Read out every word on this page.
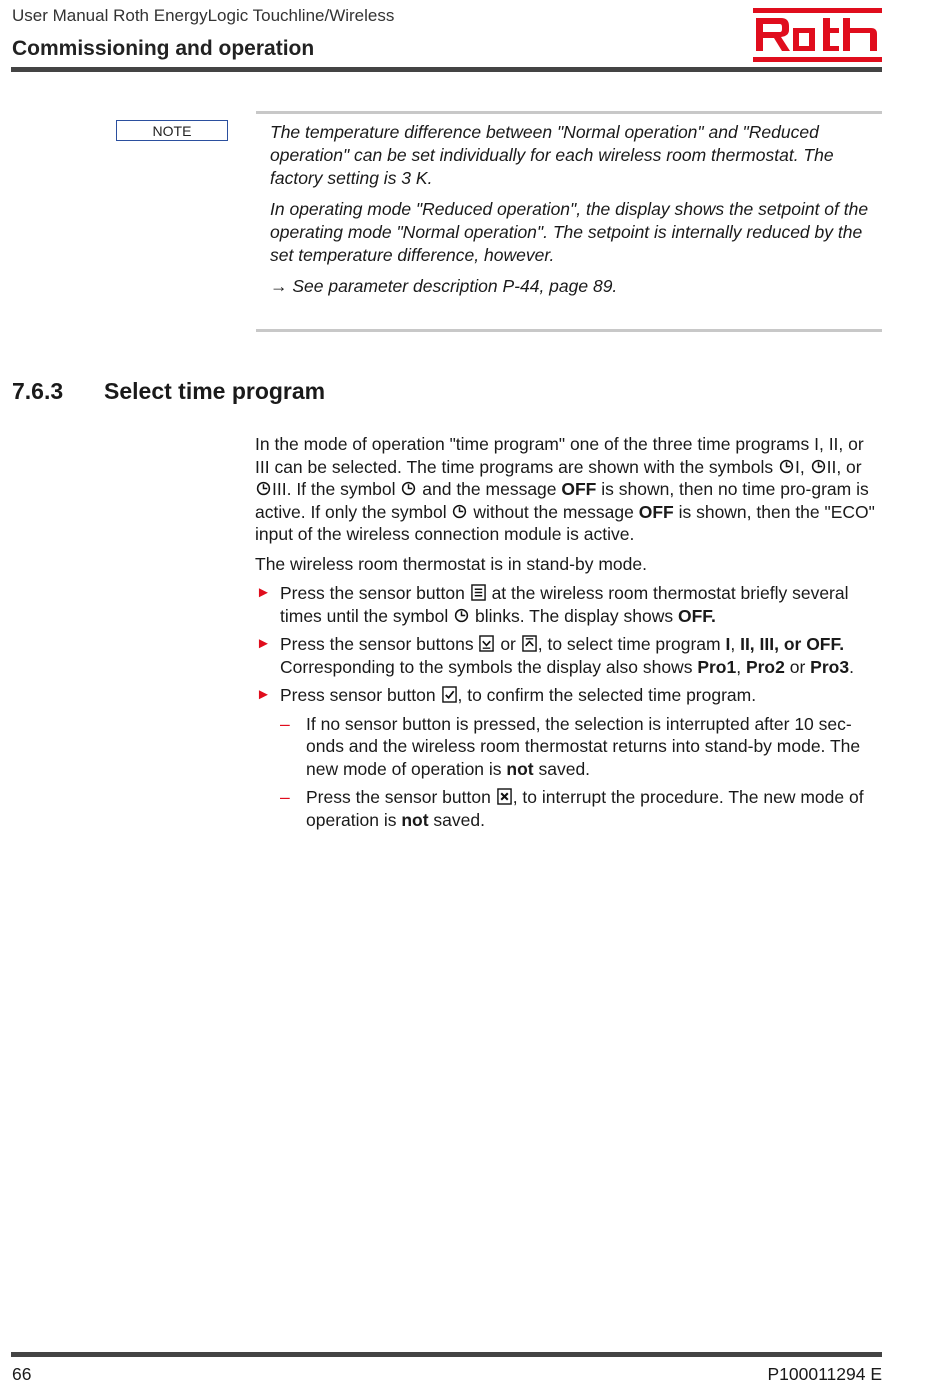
User Manual Roth EnergyLogic Touchline/Wireless
Commissioning and operation
NOTE	The temperature difference between "Normal operation" and "Reduced operation" can be set individually for each wireless room thermostat. The factory setting is 3 K.

In operating mode "Reduced operation", the display shows the setpoint of the operating mode "Normal operation". The setpoint is internally reduced by the set temperature difference, however.

→ See parameter description P-44, page 89.

7.6.3 Select time program

In the mode of operation "time program" one of the three time programs I, II, or III can be selected. The time programs are shown with the symbols I, II, or III. If the symbol  and the message OFF is shown, then no time pro-gram is active. If only the symbol  without the message OFF is shown, then the "ECO" input of the wireless connection module is active.

The wireless room thermostat is in stand-by mode.

► Press the sensor button  at the wireless room thermostat briefly several times until the symbol  blinks. The display shows OFF.
► Press the sensor buttons  or , to select time program I, II, III, or OFF. Corresponding to the symbols the display also shows Pro1, Pro2 or Pro3.
► Press sensor button , to confirm the selected time program.
– If no sensor button is pressed, the selection is interrupted after 10 sec-onds and the wireless room thermostat returns into stand-by mode. The new mode of operation is not saved.
– Press the sensor button , to interrupt the procedure. The new mode of operation is not saved.
66	P100011294 E
